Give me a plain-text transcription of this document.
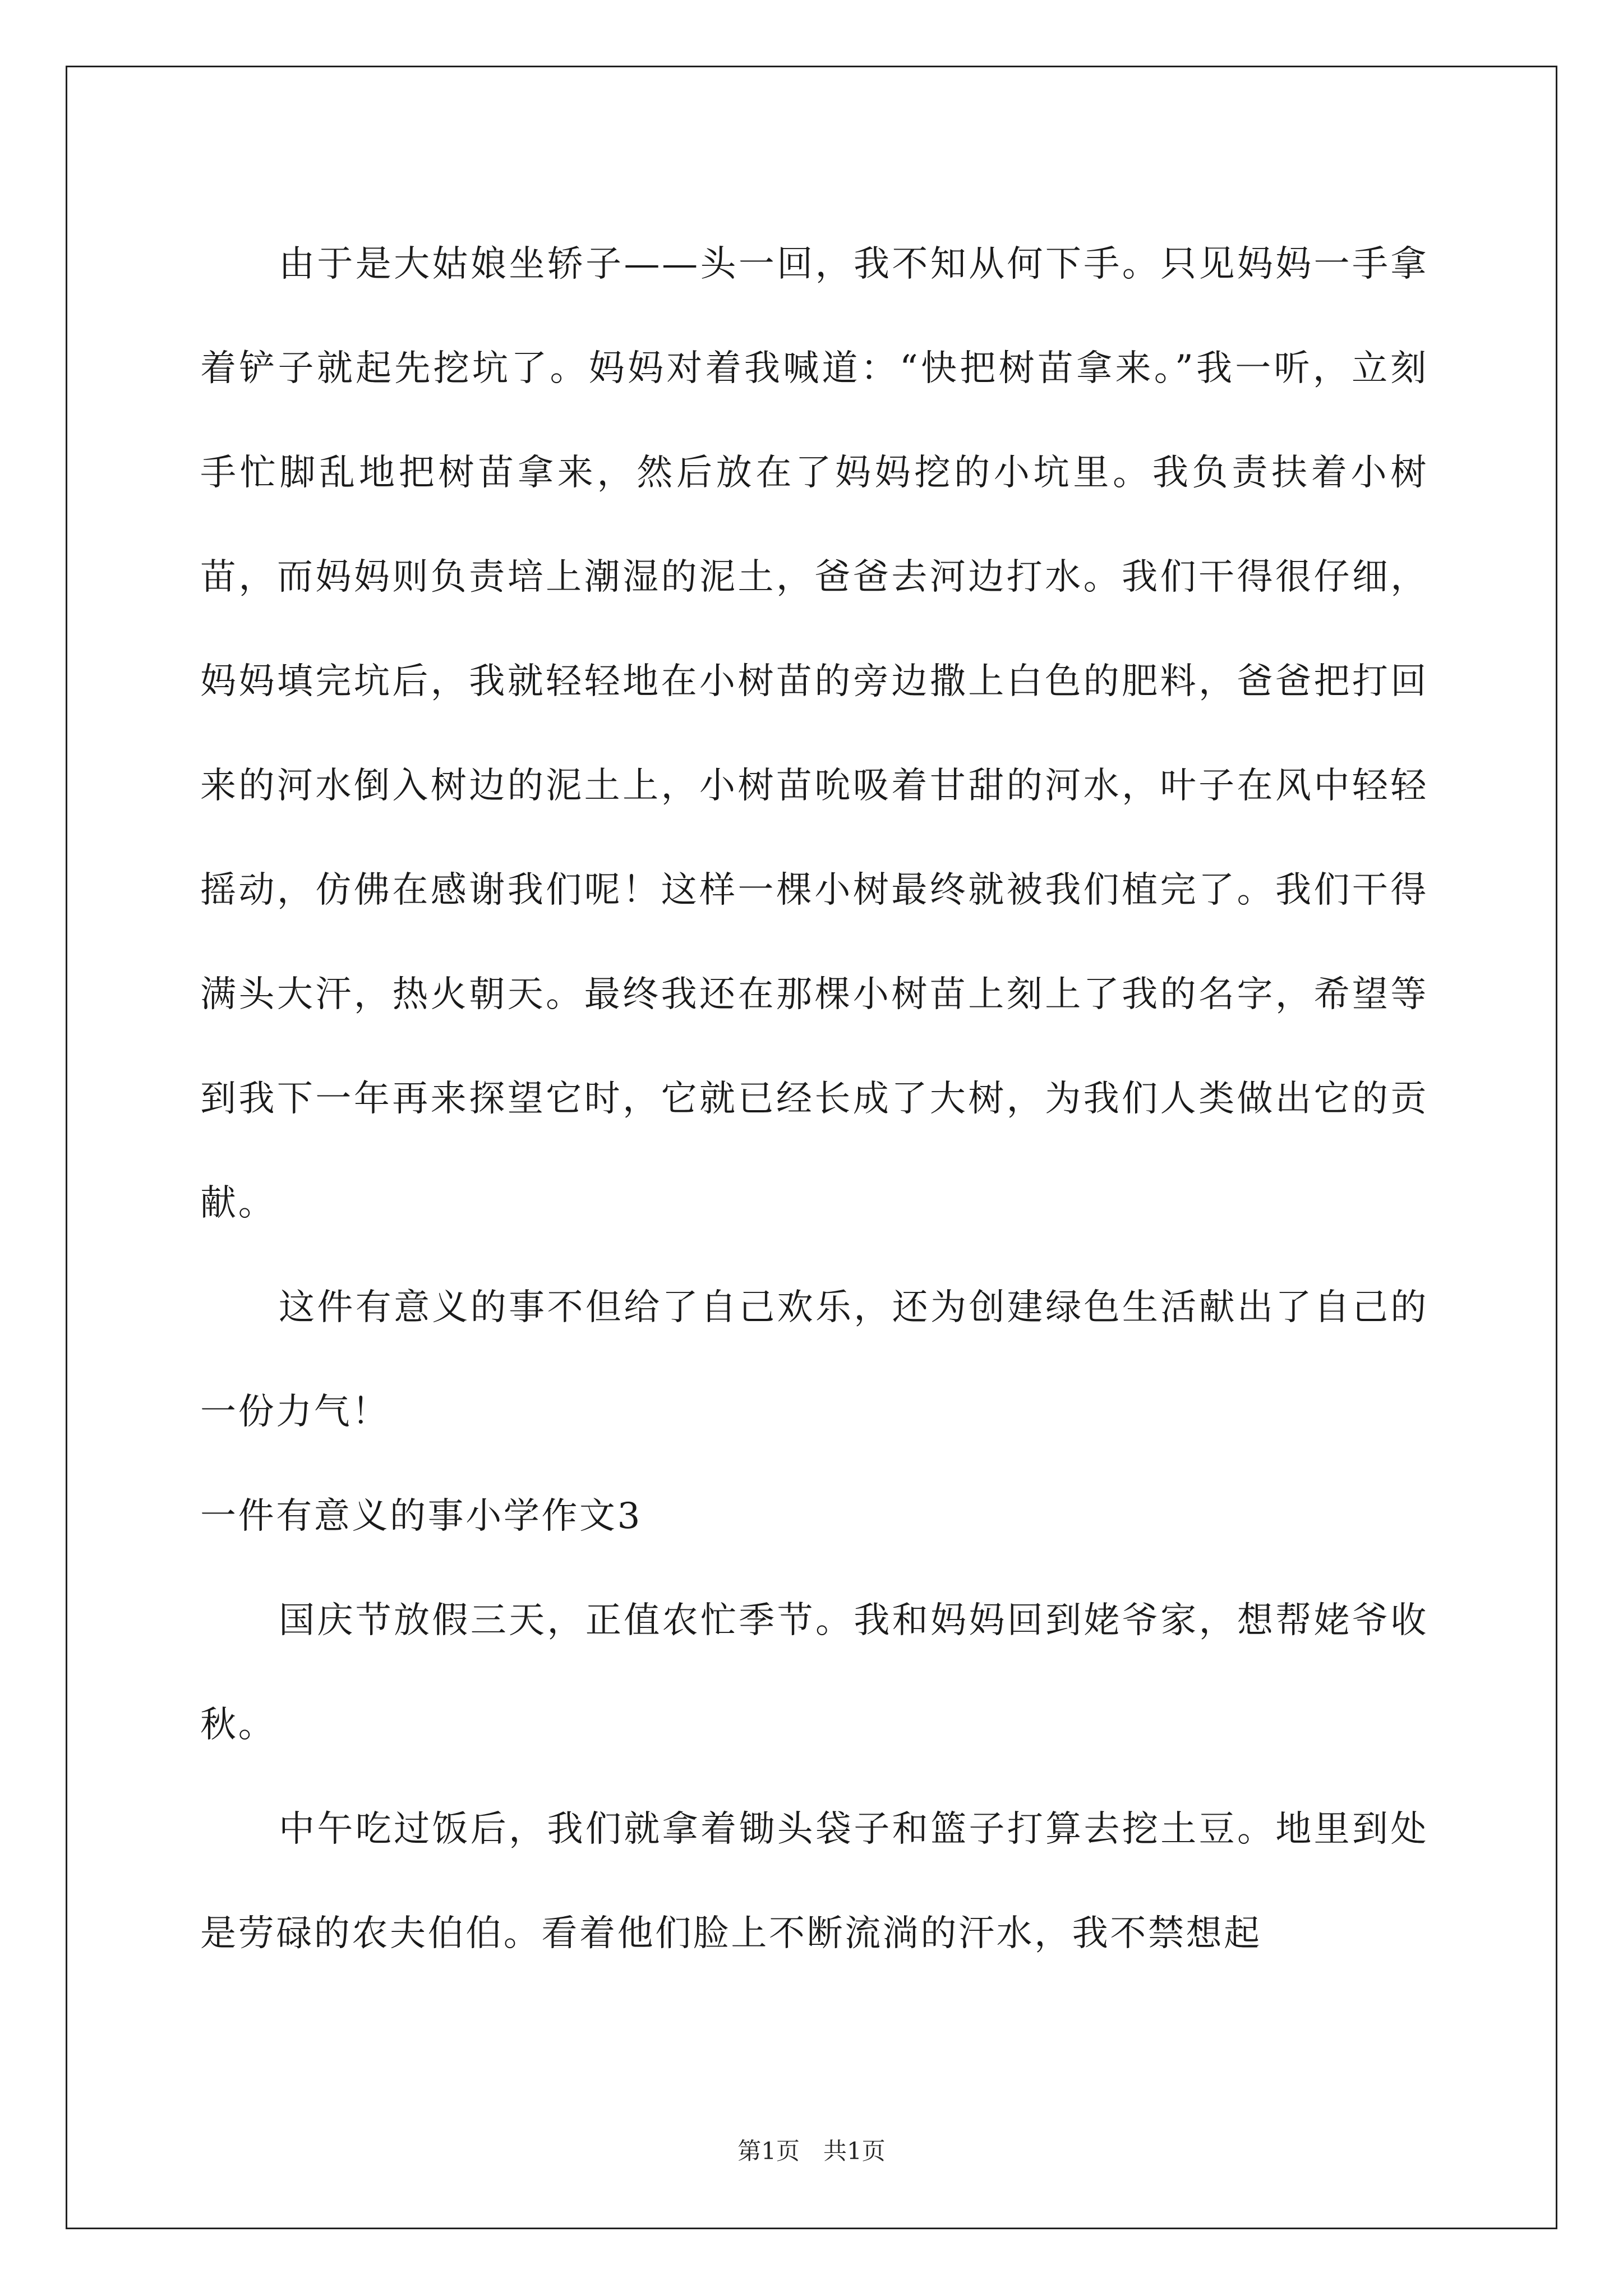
由于是大姑娘坐轿子——头一回，我不知从何下手。只见妈妈一手拿着铲子就起先挖坑了。妈妈对着我喊道：“快把树苗拿来。”我一听，立刻手忙脚乱地把树苗拿来，然后放在了妈妈挖的小坑里。我负责扶着小树苗，而妈妈则负责培上潮湿的泥土，爸爸去河边打水。我们干得很仔细，妈妈填完坑后，我就轻轻地在小树苗的旁边撒上白色的肥料，爸爸把打回来的河水倒入树边的泥土上，小树苗吮吸着甘甜的河水，叶子在风中轻轻摇动，仿佛在感谢我们呢！这样一棵小树最终就被我们植完了。我们干得满头大汗，热火朝天。最终我还在那棵小树苗上刻上了我的名字，希望等到我下一年再来探望它时，它就已经长成了大树，为我们人类做出它的贡献。

这件有意义的事不但给了自己欢乐，还为创建绿色生活献出了自己的一份力气！

一件有意义的事小学作文3

国庆节放假三天，正值农忙季节。我和妈妈回到姥爷家，想帮姥爷收秋。

中午吃过饭后，我们就拿着锄头袋子和篮子打算去挖土豆。地里到处是劳碌的农夫伯伯。看着他们脸上不断流淌的汗水，我不禁想起

第1页　共1页
